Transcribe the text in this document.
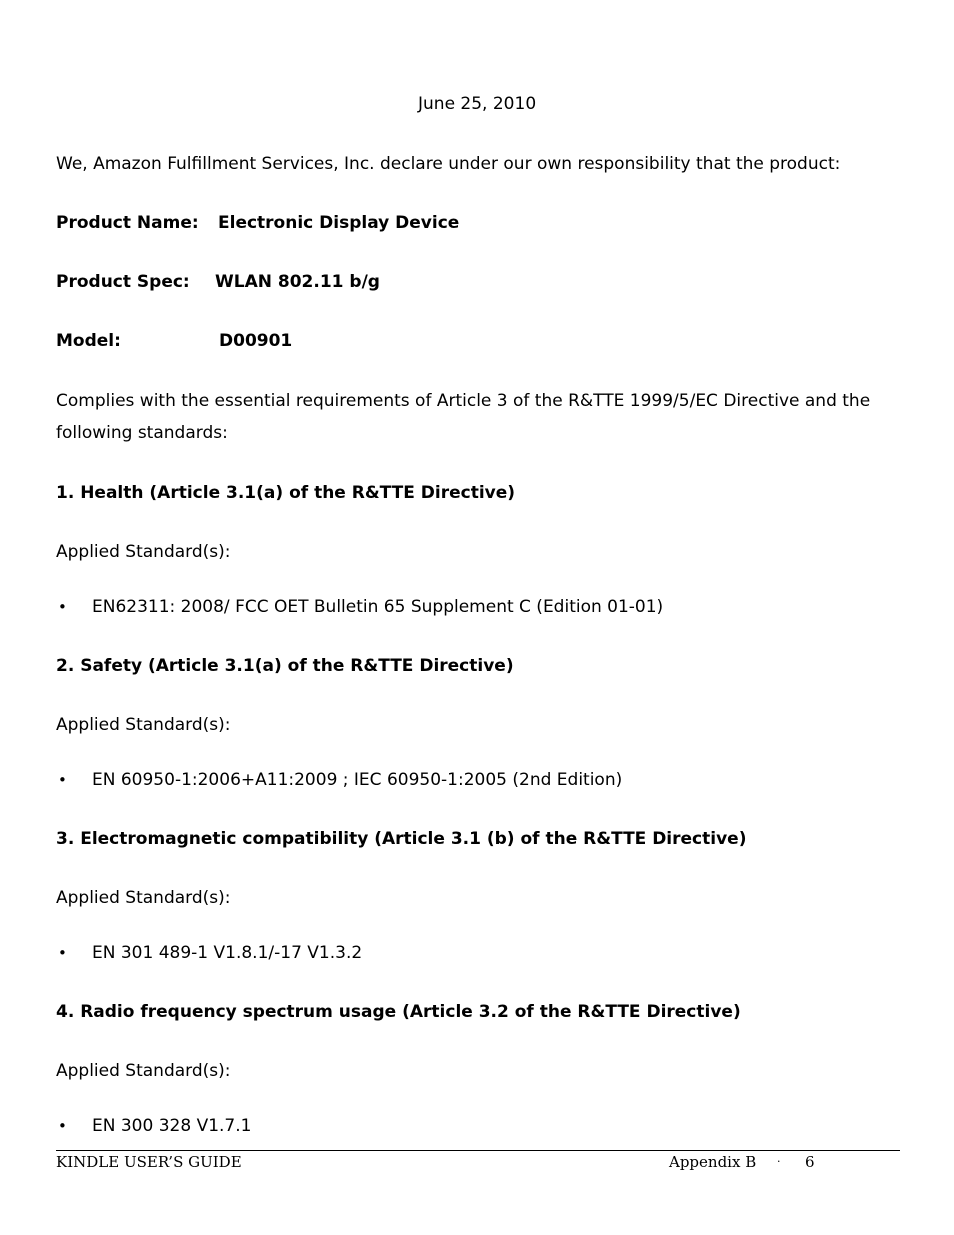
June 25, 2010
We, Amazon Fulfillment Services, Inc. declare under our own responsibility that the product:
Product Name: Electronic Display Device
Product Spec: WLAN 802.11 b/g
Model:	D00901
Complies with the essential requirements of Article 3 of the R&TTE 1999/5/EC Directive and the
following standards:
1. Health (Article 3.1(a) of the R&TTE Directive)
Applied Standard(s):
• EN62311: 2008/ FCC OET Bulletin 65 Supplement C (Edition 01-01)
2. Safety (Article 3.1(a) of the R&TTE Directive)
Applied Standard(s):
• EN 60950-1:2006+A11:2009 ; IEC 60950-1:2005 (2nd Edition)
3. Electromagnetic compatibility (Article 3.1 (b) of the R&TTE Directive)
Applied Standard(s):
• EN 301 489-1 V1.8.1/-17 V1.3.2
4. Radio frequency spectrum usage (Article 3.2 of the R&TTE Directive)
Applied Standard(s):
• EN 300 328 V1.7.1
KINDLE USER’S GUIDE	Appendix B · 6
